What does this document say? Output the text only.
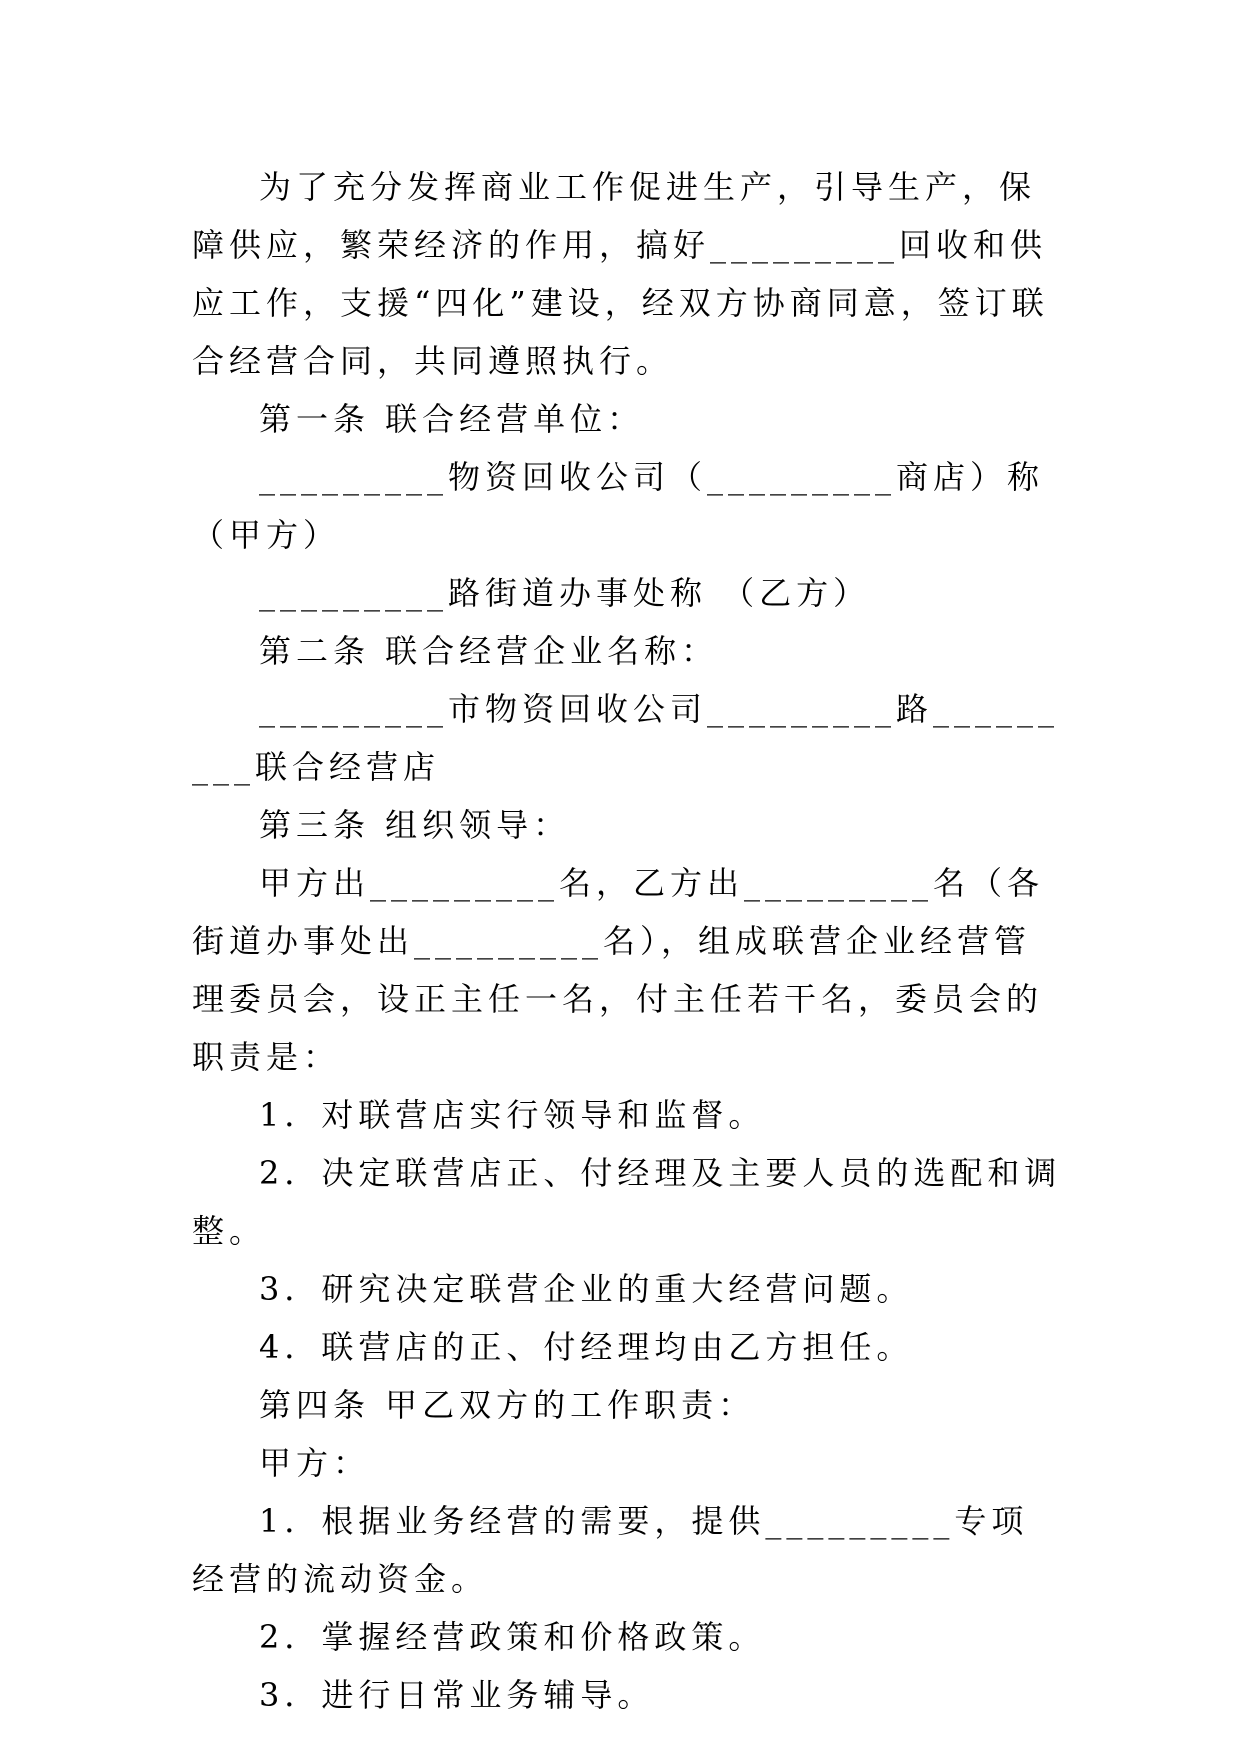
为了充分发挥商业工作促进生产，引导生产，保障供应，繁荣经济的作用，搞好_________回收和供应工作，支援“四化”建设，经双方协商同意，签订联合经营合同，共同遵照执行。

第一条 联合经营单位：

_________物资回收公司（_________商店）称 （甲方）

_________路街道办事处称 （乙方）

第二条 联合经营企业名称：

_________市物资回收公司_________路_________联合经营店

第三条 组织领导：

甲方出_________名，乙方出_________名（各街道办事处出_________名），组成联营企业经营管理委员会，设正主任一名，付主任若干名，委员会的职责是：

1．对联营店实行领导和监督。

2．决定联营店正、付经理及主要人员的选配和调整。

3．研究决定联营企业的重大经营问题。

4．联营店的正、付经理均由乙方担任。

第四条 甲乙双方的工作职责：

甲方：

1．根据业务经营的需要，提供_________专项经营的流动资金。

2．掌握经营政策和价格政策。

3．进行日常业务辅导。
